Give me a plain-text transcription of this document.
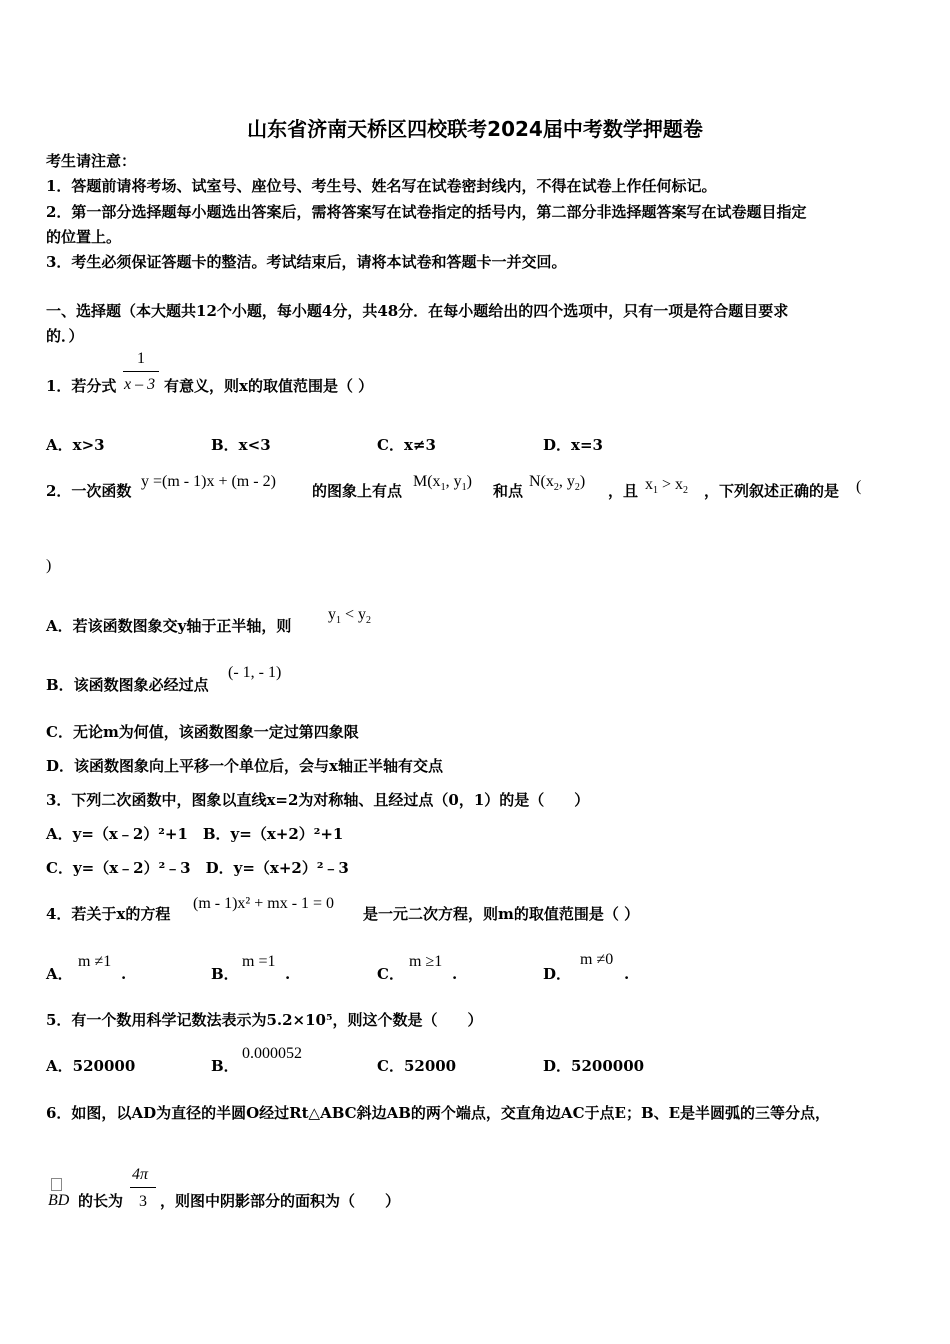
山东省济南天桥区四校联考2024届中考数学押题卷
考生请注意：
1．答题前请将考场、试室号、座位号、考生号、姓名写在试卷密封线内，不得在试卷上作任何标记。
2．第一部分选择题每小题选出答案后，需将答案写在试卷指定的括号内，第二部分非选择题答案写在试卷题目指定
的位置上。
3．考生必须保证答题卡的整洁。考试结束后，请将本试卷和答题卡一并交回。
一、选择题（本大题共12个小题，每小题4分，共48分．在每小题给出的四个选项中，只有一项是符合题目要求
的．）
1．若分式
1
x – 3 有意义，则x的取值范围是（ ）
A．x>3	B．x<3	C．x≠3	D．x=3
2．一次函数
y =(m - 1)x + (m - 2)
的图象上有点
$M(x_1$, $y_1$)
和点
$N(x_2$, $y_2$)
，且 $x_1 > x_2$ ，下列叙述正确的是 (
)
A．若该函数图象交y轴于正半轴，则
$y_1 < y_2$
B．该函数图象必经过点
(- 1, - 1)
C．无论m为何值，该函数图象一定过第四象限
D．该函数图象向上平移一个单位后，会与x轴正半轴有交点
3．下列二次函数中，图象以直线x=2为对称轴、且经过点（0，1）的是（　　）
A．y=（x﹣2）²+1　B．y=（x+2）²+1
C．y=（x﹣2）²﹣3　D．y=（x+2）²﹣3
4．若关于x的方程
(m - 1)x² + mx - 1 = 0
是一元二次方程，则m的取值范围是（ ）
A．
m ≠1
.	B．
m =1
.	C．
m ≥1
.	D．
m ≠0
.
5．有一个数用科学记数法表示为5.2×10⁵，则这个数是（　　）
A．520000	B．
0.000052
C．52000	D．5200000
6．如图，以AD为直径的半圆O经过Rt△ABC斜边AB的两个端点，交直角边AC于点E；B、E是半圆弧的三等分点，
BD 的长为
4π
3 ，则图中阴影部分的面积为（　　）
